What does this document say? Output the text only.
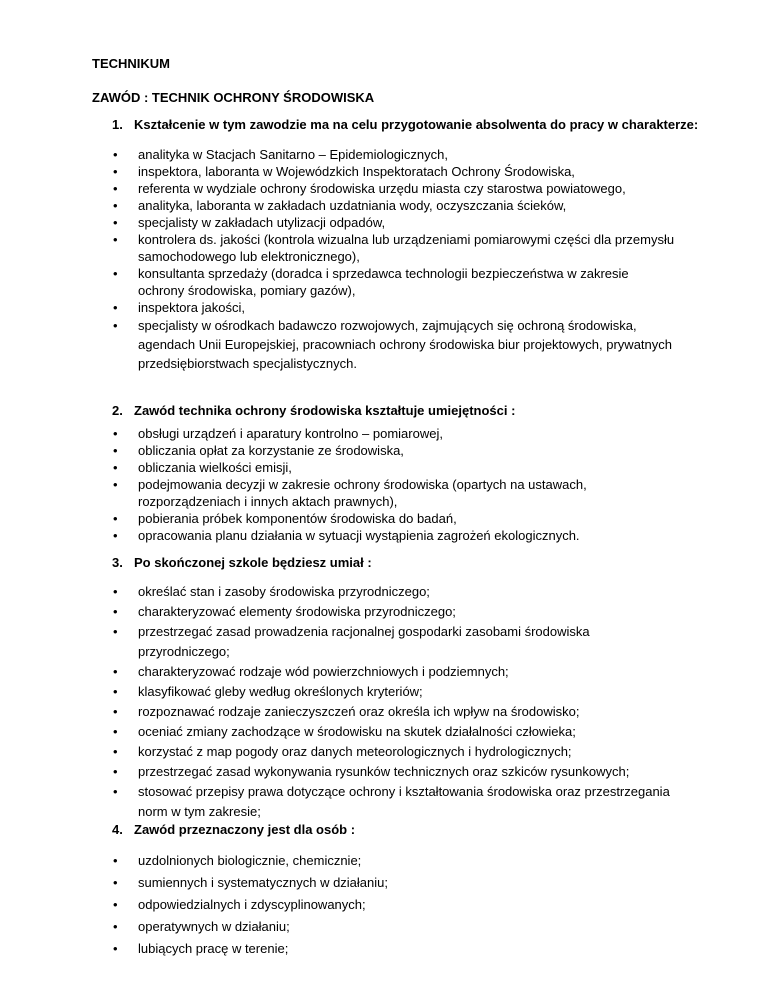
TECHNIKUM
ZAWÓD : TECHNIK OCHRONY ŚRODOWISKA
1. Kształcenie w tym zawodzie ma na celu przygotowanie absolwenta do pracy w charakterze:
• analityka w Stacjach Sanitarno – Epidemiologicznych,
• inspektora, laboranta w Wojewódzkich Inspektoratach Ochrony Środowiska,
• referenta w wydziale ochrony środowiska urzędu miasta czy starostwa powiatowego,
• analityka, laboranta w zakładach uzdatniania wody, oczyszczania ścieków,
• specjalisty w zakładach utylizacji odpadów,
• kontrolera ds. jakości (kontrola wizualna lub urządzeniami pomiarowymi części dla przemysłu samochodowego lub elektronicznego),
• konsultanta sprzedaży (doradca i sprzedawca technologii bezpieczeństwa w zakresie ochrony środowiska, pomiary gazów),
• inspektora jakości,
• specjalisty w ośrodkach badawczo rozwojowych, zajmujących się ochroną środowiska, agendach Unii Europejskiej, pracowniach ochrony środowiska biur projektowych, prywatnych przedsiębiorstwach specjalistycznych.
2. Zawód technika ochrony środowiska kształtuje umiejętności :
• obsługi urządzeń i aparatury kontrolno – pomiarowej,
• obliczania opłat za korzystanie ze środowiska,
• obliczania wielkości emisji,
• podejmowania decyzji w zakresie ochrony środowiska (opartych na ustawach, rozporządzeniach i innych aktach prawnych),
• pobierania próbek komponentów środowiska do badań,
• opracowania planu działania w sytuacji wystąpienia zagrożeń ekologicznych.
3. Po skończonej szkole będziesz umiał :
• określać stan i zasoby środowiska przyrodniczego;
• charakteryzować elementy środowiska przyrodniczego;
• przestrzegać zasad prowadzenia racjonalnej gospodarki zasobami środowiska przyrodniczego;
• charakteryzować rodzaje wód powierzchniowych i podziemnych;
• klasyfikować gleby według określonych kryteriów;
• rozpoznawać rodzaje zanieczyszczeń oraz określa ich wpływ na środowisko;
• oceniać zmiany zachodzące w środowisku na skutek działalności człowieka;
• korzystać z map pogody oraz danych meteorologicznych i hydrologicznych;
• przestrzegać zasad wykonywania rysunków technicznych oraz szkiców rysunkowych;
• stosować przepisy prawa dotyczące ochrony i kształtowania środowiska oraz przestrzegania norm w tym zakresie;
4. Zawód przeznaczony jest dla osób :
• uzdolnionych biologicznie, chemicznie;
• sumiennych i systematycznych w działaniu;
• odpowiedzialnych i zdyscyplinowanych;
• operatywnych w działaniu;
• lubiących pracę w terenie;
